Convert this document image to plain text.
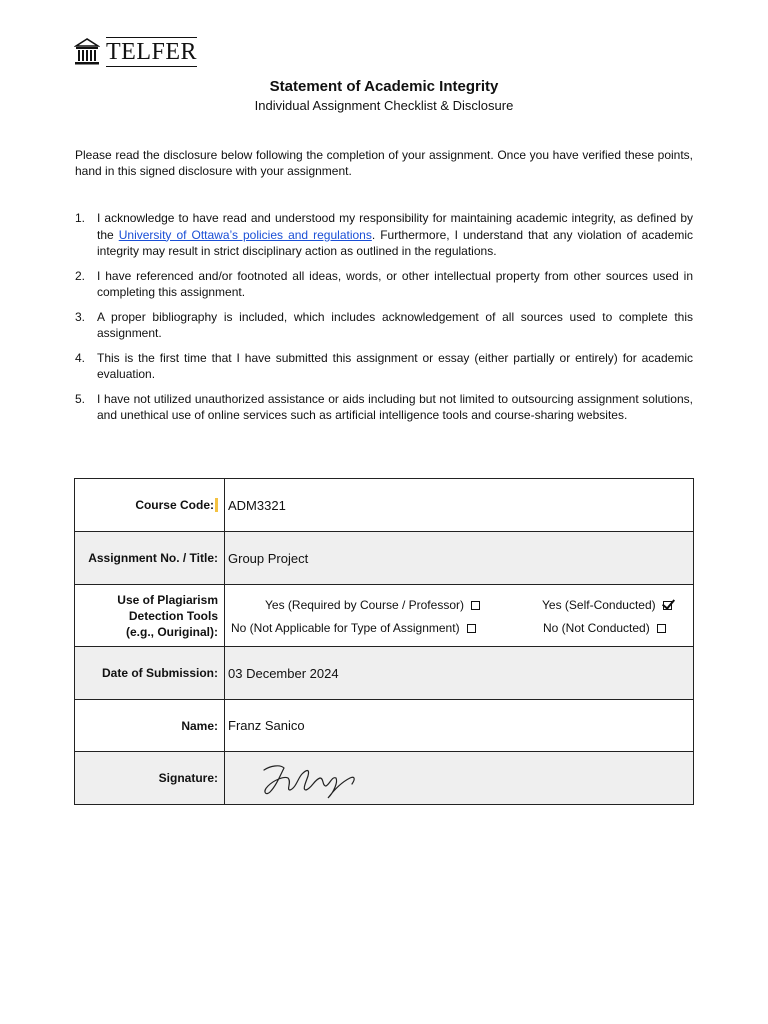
TELFER
Statement of Academic Integrity
Individual Assignment Checklist & Disclosure

Please read the disclosure below following the completion of your assignment. Once you have verified these points, hand in this signed disclosure with your assignment.

1. I acknowledge to have read and understood my responsibility for maintaining academic integrity, as defined by the University of Ottawa’s policies and regulations. Furthermore, I understand that any violation of academic integrity may result in strict disciplinary action as outlined in the regulations.
2. I have referenced and/or footnoted all ideas, words, or other intellectual property from other sources used in completing this assignment.
3. A proper bibliography is included, which includes acknowledgement of all sources used to complete this assignment.
4. This is the first time that I have submitted this assignment or essay (either partially or entirely) for academic evaluation.
5. I have not utilized unauthorized assistance or aids including but not limited to outsourcing assignment solutions, and unethical use of online services such as artificial intelligence tools and course-sharing websites.
Course Code: ADM3321
Assignment No. / Title: Group Project
Use of Plagiarism
Detection Tools
(e.g., Ouriginal):
Yes (Required by Course / Professor)	Yes (Self-Conducted)
No (Not Applicable for Type of Assignment)	No (Not Conducted)
Date of Submission: 03 December 2024
Name: Franz Sanico
Signature:
